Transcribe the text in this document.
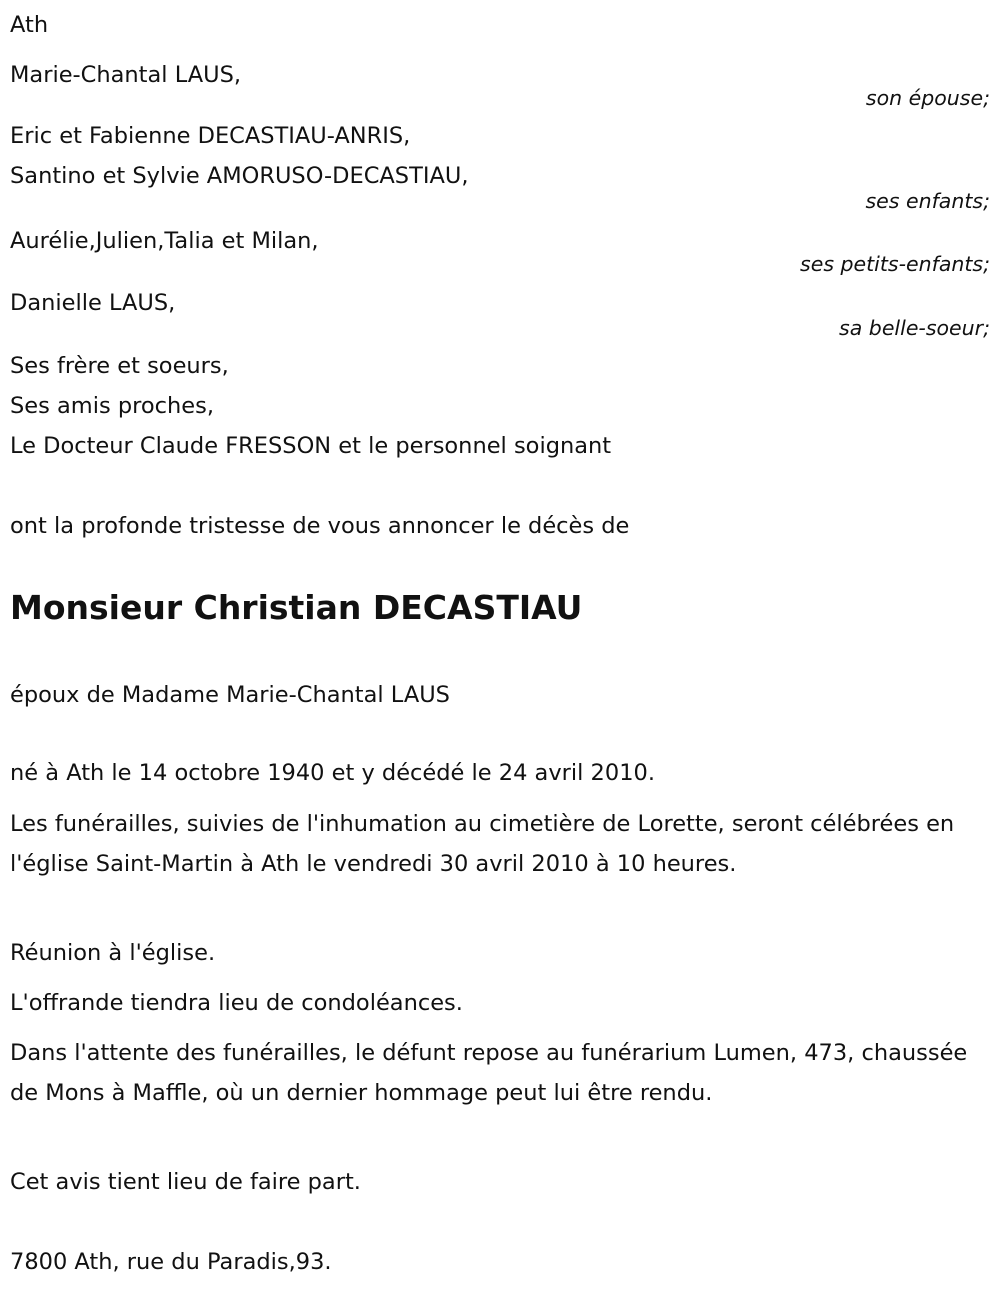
Ath
Marie-Chantal LAUS,
son épouse;
Eric et Fabienne DECASTIAU-ANRIS,
Santino et Sylvie AMORUSO-DECASTIAU,
ses enfants;
Aurélie,Julien,Talia et Milan,
ses petits-enfants;
Danielle LAUS,
sa belle-soeur;
Ses frère et soeurs,
Ses amis proches,
Le Docteur Claude FRESSON et le personnel soignant
ont la profonde tristesse de vous annoncer le décès de
Monsieur Christian DECASTIAU
époux de Madame Marie-Chantal LAUS
né à Ath le 14 octobre 1940 et y décédé le 24 avril 2010.
Les funérailles, suivies de l'inhumation au cimetière de Lorette, seront célébrées en l'église Saint-Martin à Ath le vendredi 30 avril 2010 à 10 heures.
Réunion à l'église.
L'offrande tiendra lieu de condoléances.
Dans l'attente des funérailles, le défunt repose au funérarium Lumen, 473, chaussée de Mons à Maffle, où un dernier hommage peut lui être rendu.
Cet avis tient lieu de faire part.
7800 Ath, rue du Paradis,93.
